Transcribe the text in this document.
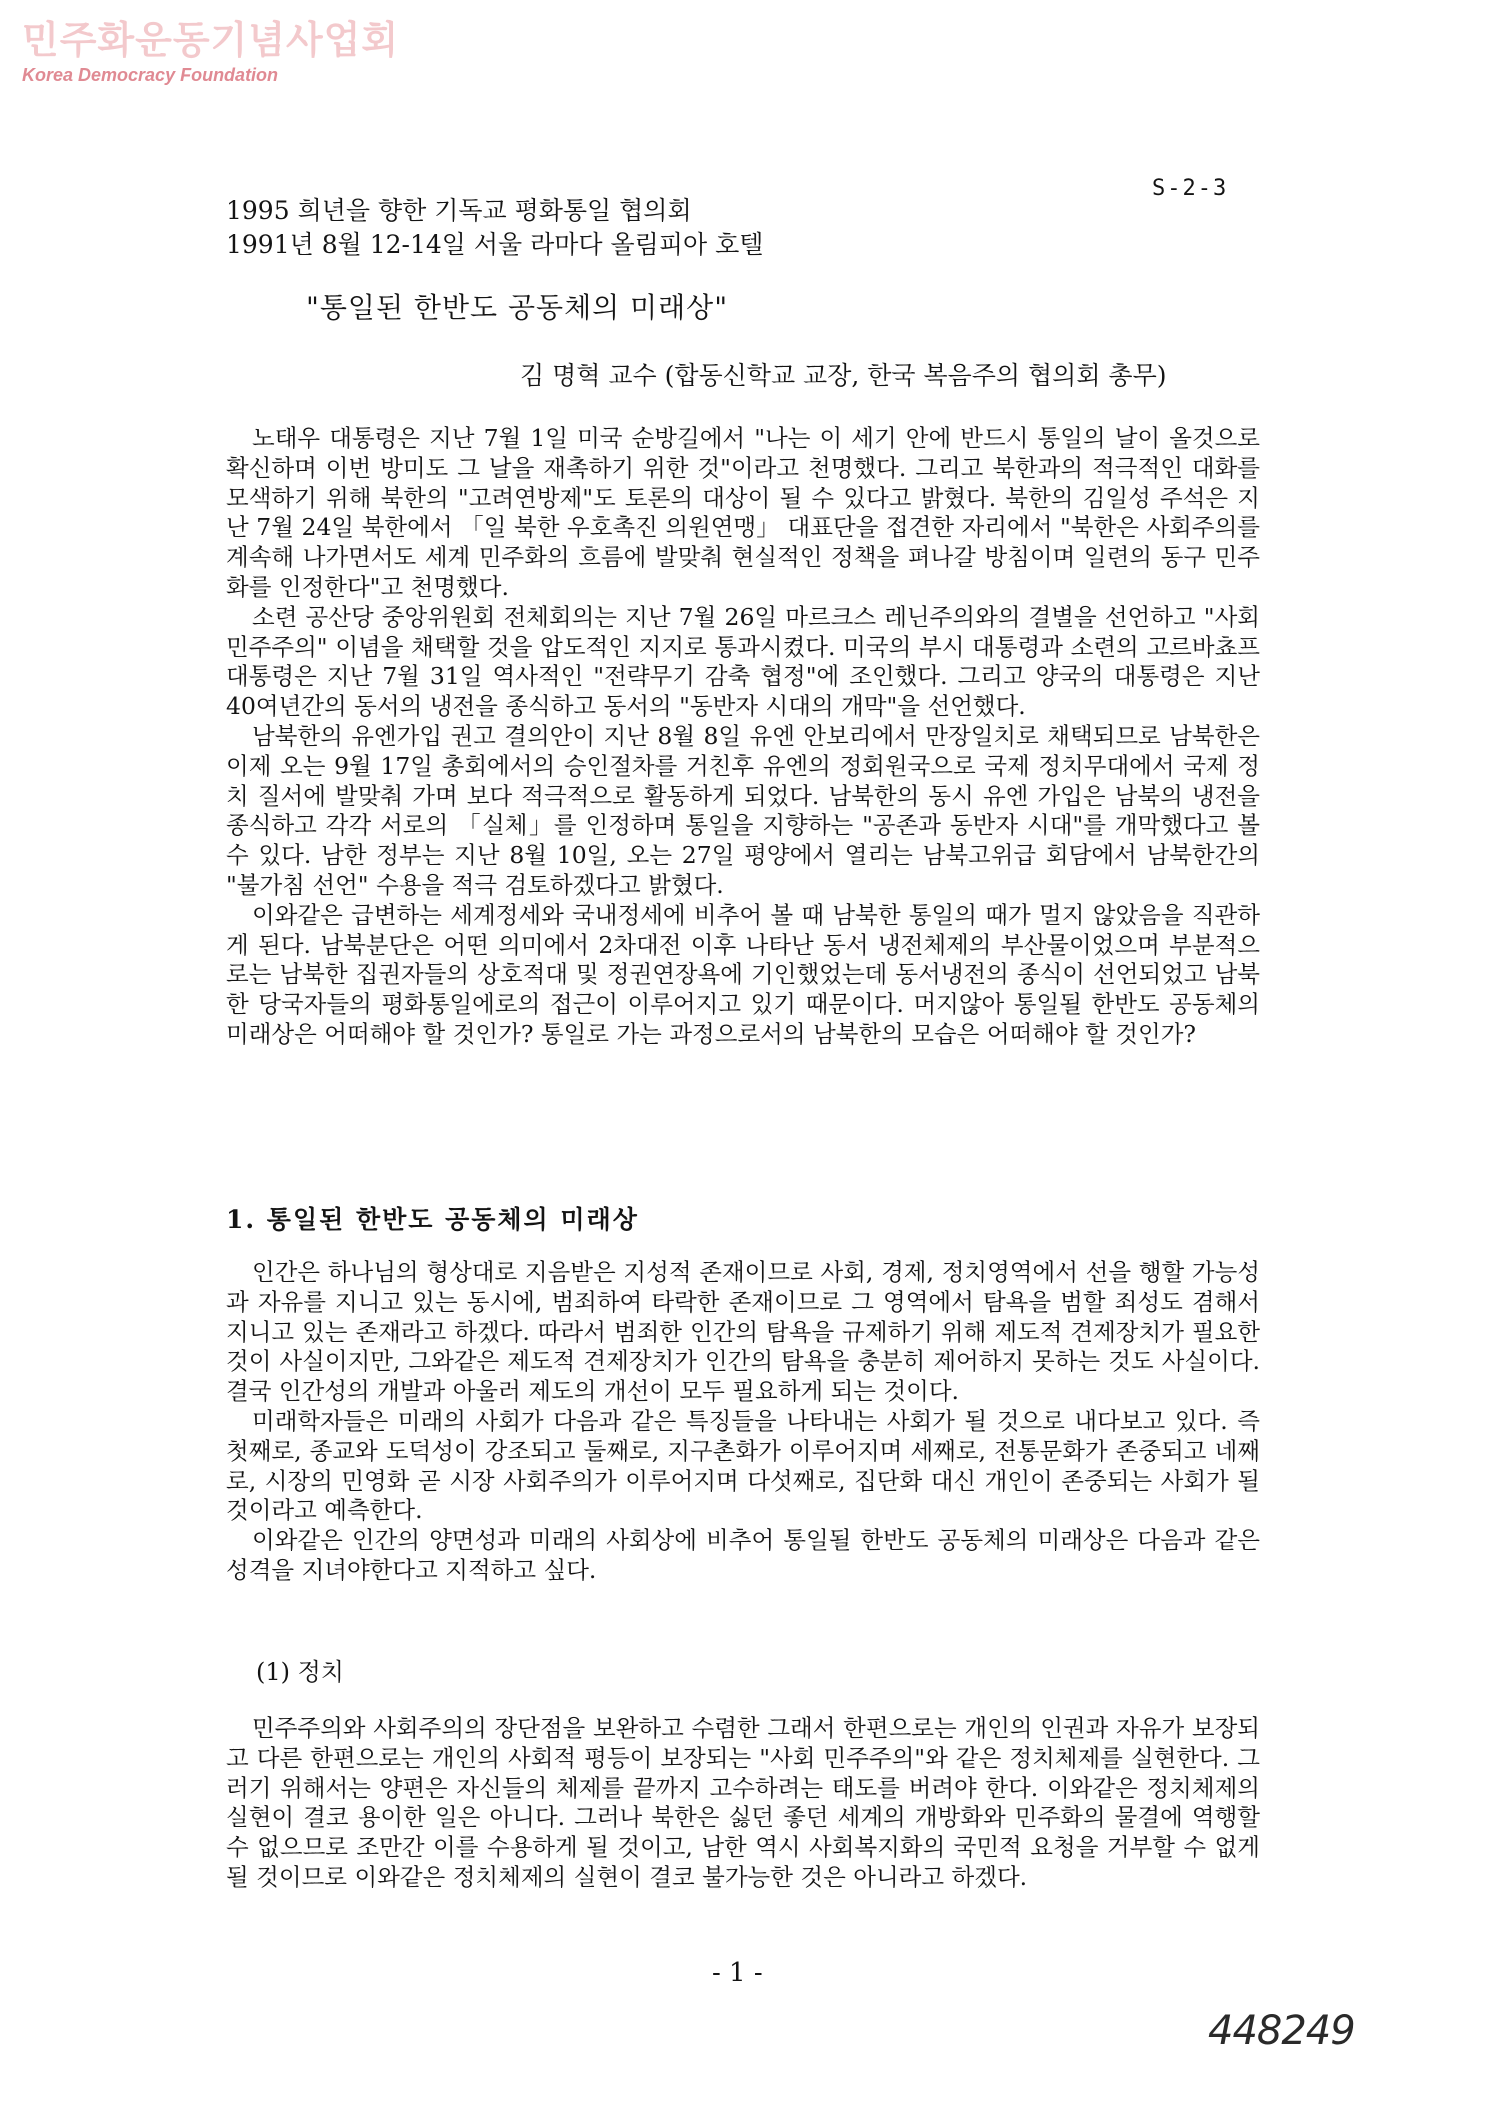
민주화운동기념사업회
Korea Democracy Foundation
S-2-3
1995 희년을 향한 기독교 평화통일 협의회
1991년 8월 12-14일 서울 라마다 올림피아 호텔
"통일된 한반도 공동체의 미래상"
김 명혁 교수 (합동신학교 교장, 한국 복음주의 협의회 총무)

노태우 대통령은 지난 7월 1일 미국 순방길에서 "나는 이 세기 안에 반드시 통일의 날이 올것으로 확신하며 이번 방미도 그 날을 재촉하기 위한 것"이라고 천명했다. 그리고 북한과의 적극적인 대화를 모색하기 위해 북한의 "고려연방제"도 토론의 대상이 될 수 있다고 밝혔다. 북한의 김일성 주석은 지난 7월 24일 북한에서 「일 북한 우호촉진 의원연맹」 대표단을 접견한 자리에서 "북한은 사회주의를 계속해 나가면서도 세계 민주화의 흐름에 발맞춰 현실적인 정책을 펴나갈 방침이며 일련의 동구 민주화를 인정한다"고 천명했다.

소련 공산당 중앙위원회 전체회의는 지난 7월 26일 마르크스 레닌주의와의 결별을 선언하고 "사회 민주주의" 이념을 채택할 것을 압도적인 지지로 통과시켰다. 미국의 부시 대통령과 소련의 고르바쵸프 대통령은 지난 7월 31일 역사적인 "전략무기 감축 협정"에 조인했다. 그리고 양국의 대통령은 지난 40여년간의 동서의 냉전을 종식하고 동서의 "동반자 시대의 개막"을 선언했다.

남북한의 유엔가입 권고 결의안이 지난 8월 8일 유엔 안보리에서 만장일치로 채택되므로 남북한은 이제 오는 9월 17일 총회에서의 승인절차를 거친후 유엔의 정회원국으로 국제 정치무대에서 국제 정치 질서에 발맞춰 가며 보다 적극적으로 활동하게 되었다. 남북한의 동시 유엔 가입은 남북의 냉전을 종식하고 각각 서로의 「실체」를 인정하며 통일을 지향하는 "공존과 동반자 시대"를 개막했다고 볼 수 있다. 남한 정부는 지난 8월 10일, 오는 27일 평양에서 열리는 남북고위급 회담에서 남북한간의 "불가침 선언" 수용을 적극 검토하겠다고 밝혔다.

이와같은 급변하는 세계정세와 국내정세에 비추어 볼 때 남북한 통일의 때가 멀지 않았음을 직관하게 된다. 남북분단은 어떤 의미에서 2차대전 이후 나타난 동서 냉전체제의 부산물이었으며 부분적으로는 남북한 집권자들의 상호적대 및 정권연장욕에 기인했었는데 동서냉전의 종식이 선언되었고 남북한 당국자들의 평화통일에로의 접근이 이루어지고 있기 때문이다. 머지않아 통일될 한반도 공동체의 미래상은 어떠해야 할 것인가? 통일로 가는 과정으로서의 남북한의 모습은 어떠해야 할 것인가?

1. 통일된 한반도 공동체의 미래상

인간은 하나님의 형상대로 지음받은 지성적 존재이므로 사회, 경제, 정치영역에서 선을 행할 가능성과 자유를 지니고 있는 동시에, 범죄하여 타락한 존재이므로 그 영역에서 탐욕을 범할 죄성도 겸해서 지니고 있는 존재라고 하겠다. 따라서 범죄한 인간의 탐욕을 규제하기 위해 제도적 견제장치가 필요한 것이 사실이지만, 그와같은 제도적 견제장치가 인간의 탐욕을 충분히 제어하지 못하는 것도 사실이다. 결국 인간성의 개발과 아울러 제도의 개선이 모두 필요하게 되는 것이다.

미래학자들은 미래의 사회가 다음과 같은 특징들을 나타내는 사회가 될 것으로 내다보고 있다. 즉 첫째로, 종교와 도덕성이 강조되고 둘째로, 지구촌화가 이루어지며 세째로, 전통문화가 존중되고 네째로, 시장의 민영화 곧 시장 사회주의가 이루어지며 다섯째로, 집단화 대신 개인이 존중되는 사회가 될 것이라고 예측한다.

이와같은 인간의 양면성과 미래의 사회상에 비추어 통일될 한반도 공동체의 미래상은 다음과 같은 성격을 지녀야한다고 지적하고 싶다.

(1) 정치

민주주의와 사회주의의 장단점을 보완하고 수렴한 그래서 한편으로는 개인의 인권과 자유가 보장되고 다른 한편으로는 개인의 사회적 평등이 보장되는 "사회 민주주의"와 같은 정치체제를 실현한다. 그러기 위해서는 양편은 자신들의 체제를 끝까지 고수하려는 태도를 버려야 한다. 이와같은 정치체제의 실현이 결코 용이한 일은 아니다. 그러나 북한은 싫던 좋던 세계의 개방화와 민주화의 물결에 역행할 수 없으므로 조만간 이를 수용하게 될 것이고, 남한 역시 사회복지화의 국민적 요청을 거부할 수 없게 될 것이므로 이와같은 정치체제의 실현이 결코 불가능한 것은 아니라고 하겠다.

- 1 -
448249
